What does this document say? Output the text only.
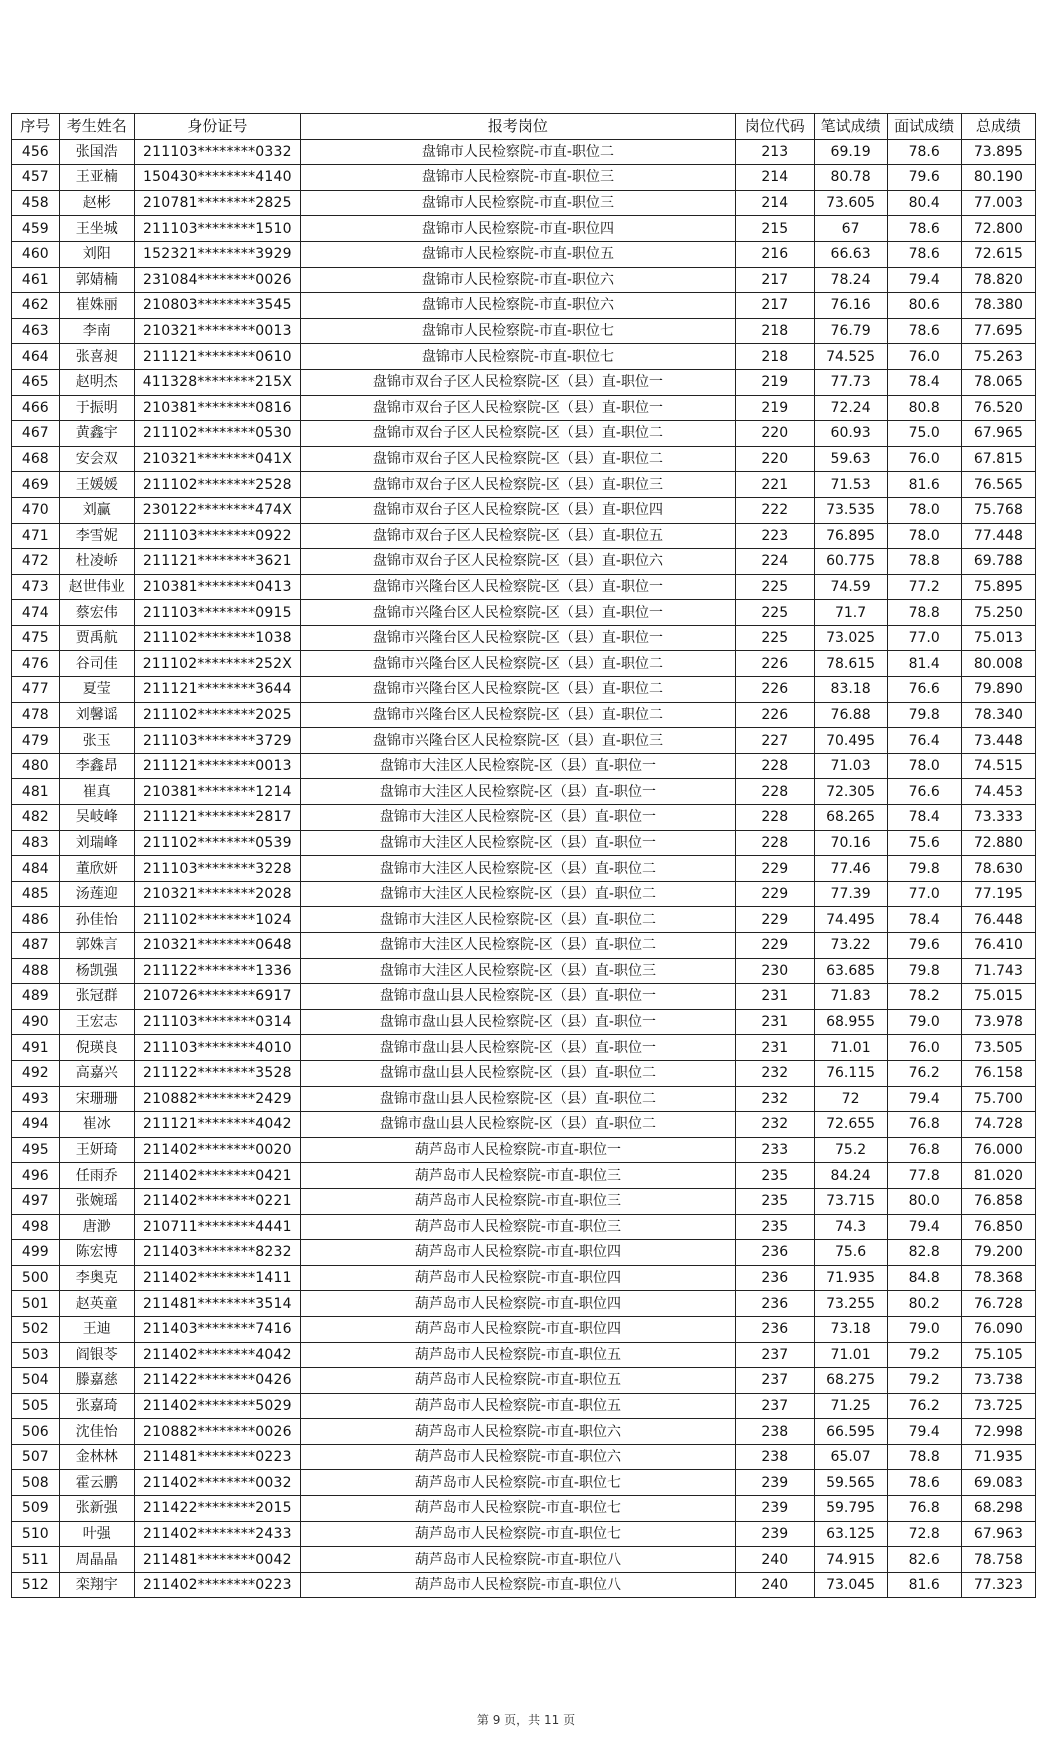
序号	考生姓名	身份证号	报考岗位	岗位代码	笔试成绩	面试成绩	总成绩
456	张国浩	211103********0332	盘锦市人民检察院-市直-职位二	213	69.19	78.6	73.895
457	王亚楠	150430********4140	盘锦市人民检察院-市直-职位三	214	80.78	79.6	80.190
458	赵彬	210781********2825	盘锦市人民检察院-市直-职位三	214	73.605	80.4	77.003
459	王坐城	211103********1510	盘锦市人民检察院-市直-职位四	215	67	78.6	72.800
460	刘阳	152321********3929	盘锦市人民检察院-市直-职位五	216	66.63	78.6	72.615
461	郭婧楠	231084********0026	盘锦市人民检察院-市直-职位六	217	78.24	79.4	78.820
462	崔姝丽	210803********3545	盘锦市人民检察院-市直-职位六	217	76.16	80.6	78.380
463	李南	210321********0013	盘锦市人民检察院-市直-职位七	218	76.79	78.6	77.695
464	张喜昶	211121********0610	盘锦市人民检察院-市直-职位七	218	74.525	76.0	75.263
465	赵明杰	411328********215X	盘锦市双台子区人民检察院-区（县）直-职位一	219	77.73	78.4	78.065
466	于振明	210381********0816	盘锦市双台子区人民检察院-区（县）直-职位一	219	72.24	80.8	76.520
467	黄鑫宇	211102********0530	盘锦市双台子区人民检察院-区（县）直-职位二	220	60.93	75.0	67.965
468	安会双	210321********041X	盘锦市双台子区人民检察院-区（县）直-职位二	220	59.63	76.0	67.815
469	王媛媛	211102********2528	盘锦市双台子区人民检察院-区（县）直-职位三	221	71.53	81.6	76.565
470	刘赢	230122********474X	盘锦市双台子区人民检察院-区（县）直-职位四	222	73.535	78.0	75.768
471	李雪妮	211103********0922	盘锦市双台子区人民检察院-区（县）直-职位五	223	76.895	78.0	77.448
472	杜凌峤	211121********3621	盘锦市双台子区人民检察院-区（县）直-职位六	224	60.775	78.8	69.788
473	赵世伟业	210381********0413	盘锦市兴隆台区人民检察院-区（县）直-职位一	225	74.59	77.2	75.895
474	蔡宏伟	211103********0915	盘锦市兴隆台区人民检察院-区（县）直-职位一	225	71.7	78.8	75.250
475	贾禹航	211102********1038	盘锦市兴隆台区人民检察院-区（县）直-职位一	225	73.025	77.0	75.013
476	谷司佳	211102********252X	盘锦市兴隆台区人民检察院-区（县）直-职位二	226	78.615	81.4	80.008
477	夏莹	211121********3644	盘锦市兴隆台区人民检察院-区（县）直-职位二	226	83.18	76.6	79.890
478	刘馨谣	211102********2025	盘锦市兴隆台区人民检察院-区（县）直-职位二	226	76.88	79.8	78.340
479	张玉	211103********3729	盘锦市兴隆台区人民检察院-区（县）直-职位三	227	70.495	76.4	73.448
480	李鑫昂	211121********0013	盘锦市大洼区人民检察院-区（县）直-职位一	228	71.03	78.0	74.515
481	崔真	210381********1214	盘锦市大洼区人民检察院-区（县）直-职位一	228	72.305	76.6	74.453
482	吴岐峰	211121********2817	盘锦市大洼区人民检察院-区（县）直-职位一	228	68.265	78.4	73.333
483	刘瑞峰	211102********0539	盘锦市大洼区人民检察院-区（县）直-职位一	228	70.16	75.6	72.880
484	董欣妍	211103********3228	盘锦市大洼区人民检察院-区（县）直-职位二	229	77.46	79.8	78.630
485	汤莲迎	210321********2028	盘锦市大洼区人民检察院-区（县）直-职位二	229	77.39	77.0	77.195
486	孙佳怡	211102********1024	盘锦市大洼区人民检察院-区（县）直-职位二	229	74.495	78.4	76.448
487	郭姝言	210321********0648	盘锦市大洼区人民检察院-区（县）直-职位二	229	73.22	79.6	76.410
488	杨凯强	211122********1336	盘锦市大洼区人民检察院-区（县）直-职位三	230	63.685	79.8	71.743
489	张冠群	210726********6917	盘锦市盘山县人民检察院-区（县）直-职位一	231	71.83	78.2	75.015
490	王宏志	211103********0314	盘锦市盘山县人民检察院-区（县）直-职位一	231	68.955	79.0	73.978
491	倪瑛良	211103********4010	盘锦市盘山县人民检察院-区（县）直-职位一	231	71.01	76.0	73.505
492	高嘉兴	211122********3528	盘锦市盘山县人民检察院-区（县）直-职位二	232	76.115	76.2	76.158
493	宋珊珊	210882********2429	盘锦市盘山县人民检察院-区（县）直-职位二	232	72	79.4	75.700
494	崔冰	211121********4042	盘锦市盘山县人民检察院-区（县）直-职位二	232	72.655	76.8	74.728
495	王妍琦	211402********0020	葫芦岛市人民检察院-市直-职位一	233	75.2	76.8	76.000
496	任雨乔	211402********0421	葫芦岛市人民检察院-市直-职位三	235	84.24	77.8	81.020
497	张婉瑶	211402********0221	葫芦岛市人民检察院-市直-职位三	235	73.715	80.0	76.858
498	唐渺	210711********4441	葫芦岛市人民检察院-市直-职位三	235	74.3	79.4	76.850
499	陈宏博	211403********8232	葫芦岛市人民检察院-市直-职位四	236	75.6	82.8	79.200
500	李奥克	211402********1411	葫芦岛市人民检察院-市直-职位四	236	71.935	84.8	78.368
501	赵英童	211481********3514	葫芦岛市人民检察院-市直-职位四	236	73.255	80.2	76.728
502	王迪	211403********7416	葫芦岛市人民检察院-市直-职位四	236	73.18	79.0	76.090
503	阎银苓	211402********4042	葫芦岛市人民检察院-市直-职位五	237	71.01	79.2	75.105
504	滕嘉慈	211422********0426	葫芦岛市人民检察院-市直-职位五	237	68.275	79.2	73.738
505	张嘉琦	211402********5029	葫芦岛市人民检察院-市直-职位五	237	71.25	76.2	73.725
506	沈佳怡	210882********0026	葫芦岛市人民检察院-市直-职位六	238	66.595	79.4	72.998
507	金林林	211481********0223	葫芦岛市人民检察院-市直-职位六	238	65.07	78.8	71.935
508	霍云鹏	211402********0032	葫芦岛市人民检察院-市直-职位七	239	59.565	78.6	69.083
509	张新强	211422********2015	葫芦岛市人民检察院-市直-职位七	239	59.795	76.8	68.298
510	叶强	211402********2433	葫芦岛市人民检察院-市直-职位七	239	63.125	72.8	67.963
511	周晶晶	211481********0042	葫芦岛市人民检察院-市直-职位八	240	74.915	82.6	78.758
512	栾翔宇	211402********0223	葫芦岛市人民检察院-市直-职位八	240	73.045	81.6	77.323
第 9 页，共 11 页
